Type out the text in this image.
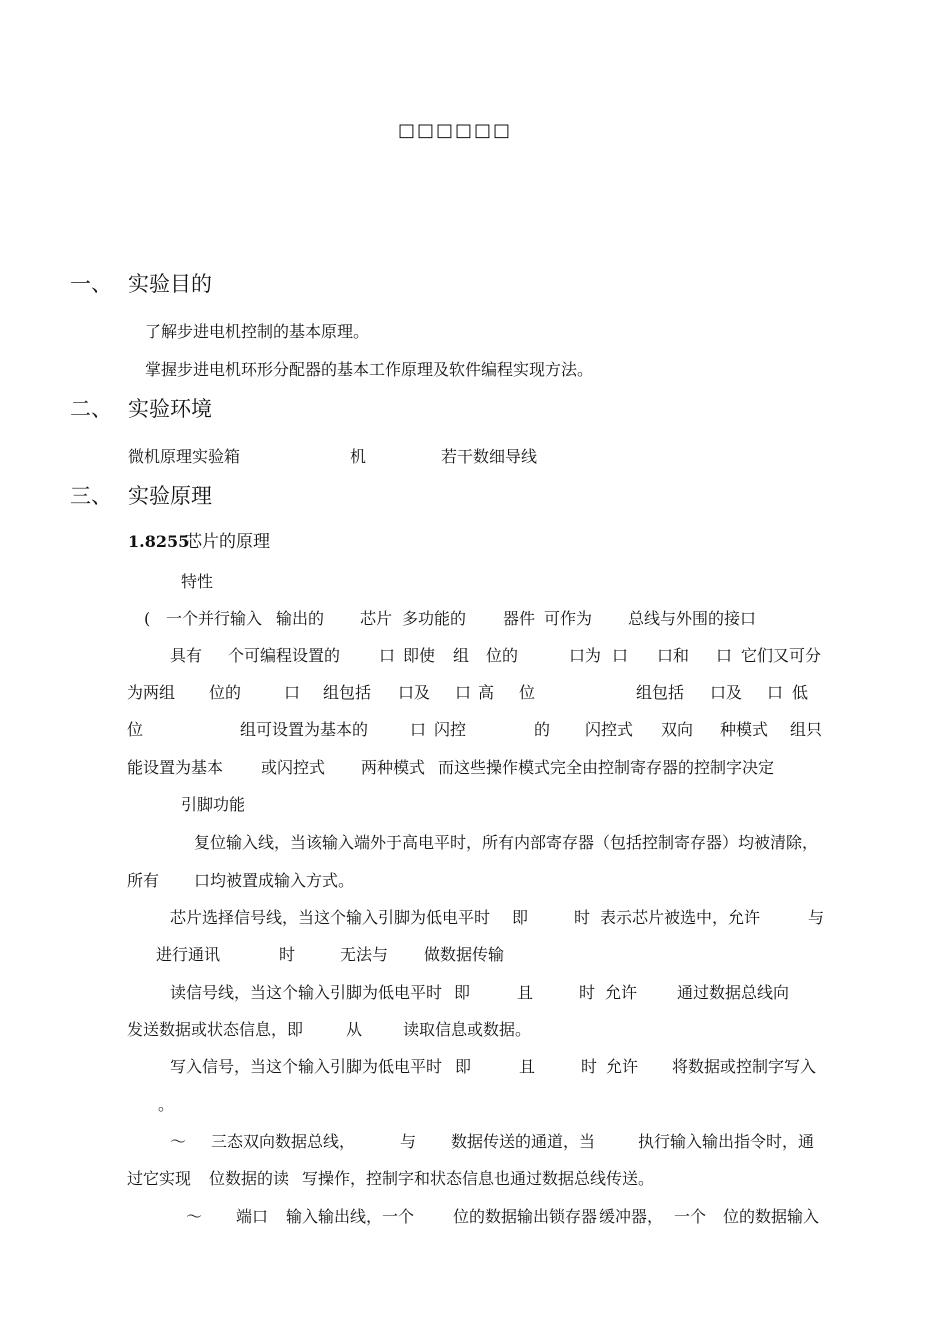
□□□□□□
一、 实验目的
了解步进电机控制的基本原理。
掌握步进电机环形分配器的基本工作原理及软件编程实现方法。
二、 实验环境
微机原理实验箱	机	若干数细导线
三、 实验原理
1.8255
芯片的原理
特性
( 一个并行输入 输出的 芯片 多功能的 器件 可作为 总线与外围的接口
具有 个可编程设置的 口 即使 组 位的	口为 口 口和 口 它们又可分
为两组 位的	口 组包括 口及 口 高 位	组包括 口及 口 低
位	组可设置为基本的	口 闪控	的 闪控式 双向 种模式 组只
能设置为基本 或闪控式 两种模式 而这些操作模式完全由控制寄存器的控制字决定
引脚功能
复位输入线，当该输入端外于高电平时，所有内部寄存器（包括控制寄存器）均被清除，
所有 口均被置成输入方式。
芯片选择信号线，当这个输入引脚为低电平时 即	时 表示芯片被选中，允许	与
进行通讯	时	无法与 做数据传输
读信号线，当这个输入引脚为低电平时 即	且	时 允许 通过数据总线向
发送数据或状态信息，即	从	读取信息或数据。
写入信号，当这个输入引脚为低电平时 即	且	时 允许 将数据或控制字写入
。
～ 三态双向数据总线，	与 数据传送的通道，当	执行输入输出指令时，通
过它实现 位数据的读 写操作，控制字和状态信息也通过数据总线传送。
～ 端口 输入输出线，一个 位的数据输出锁存器 缓冲器， 一个 位的数据输入
